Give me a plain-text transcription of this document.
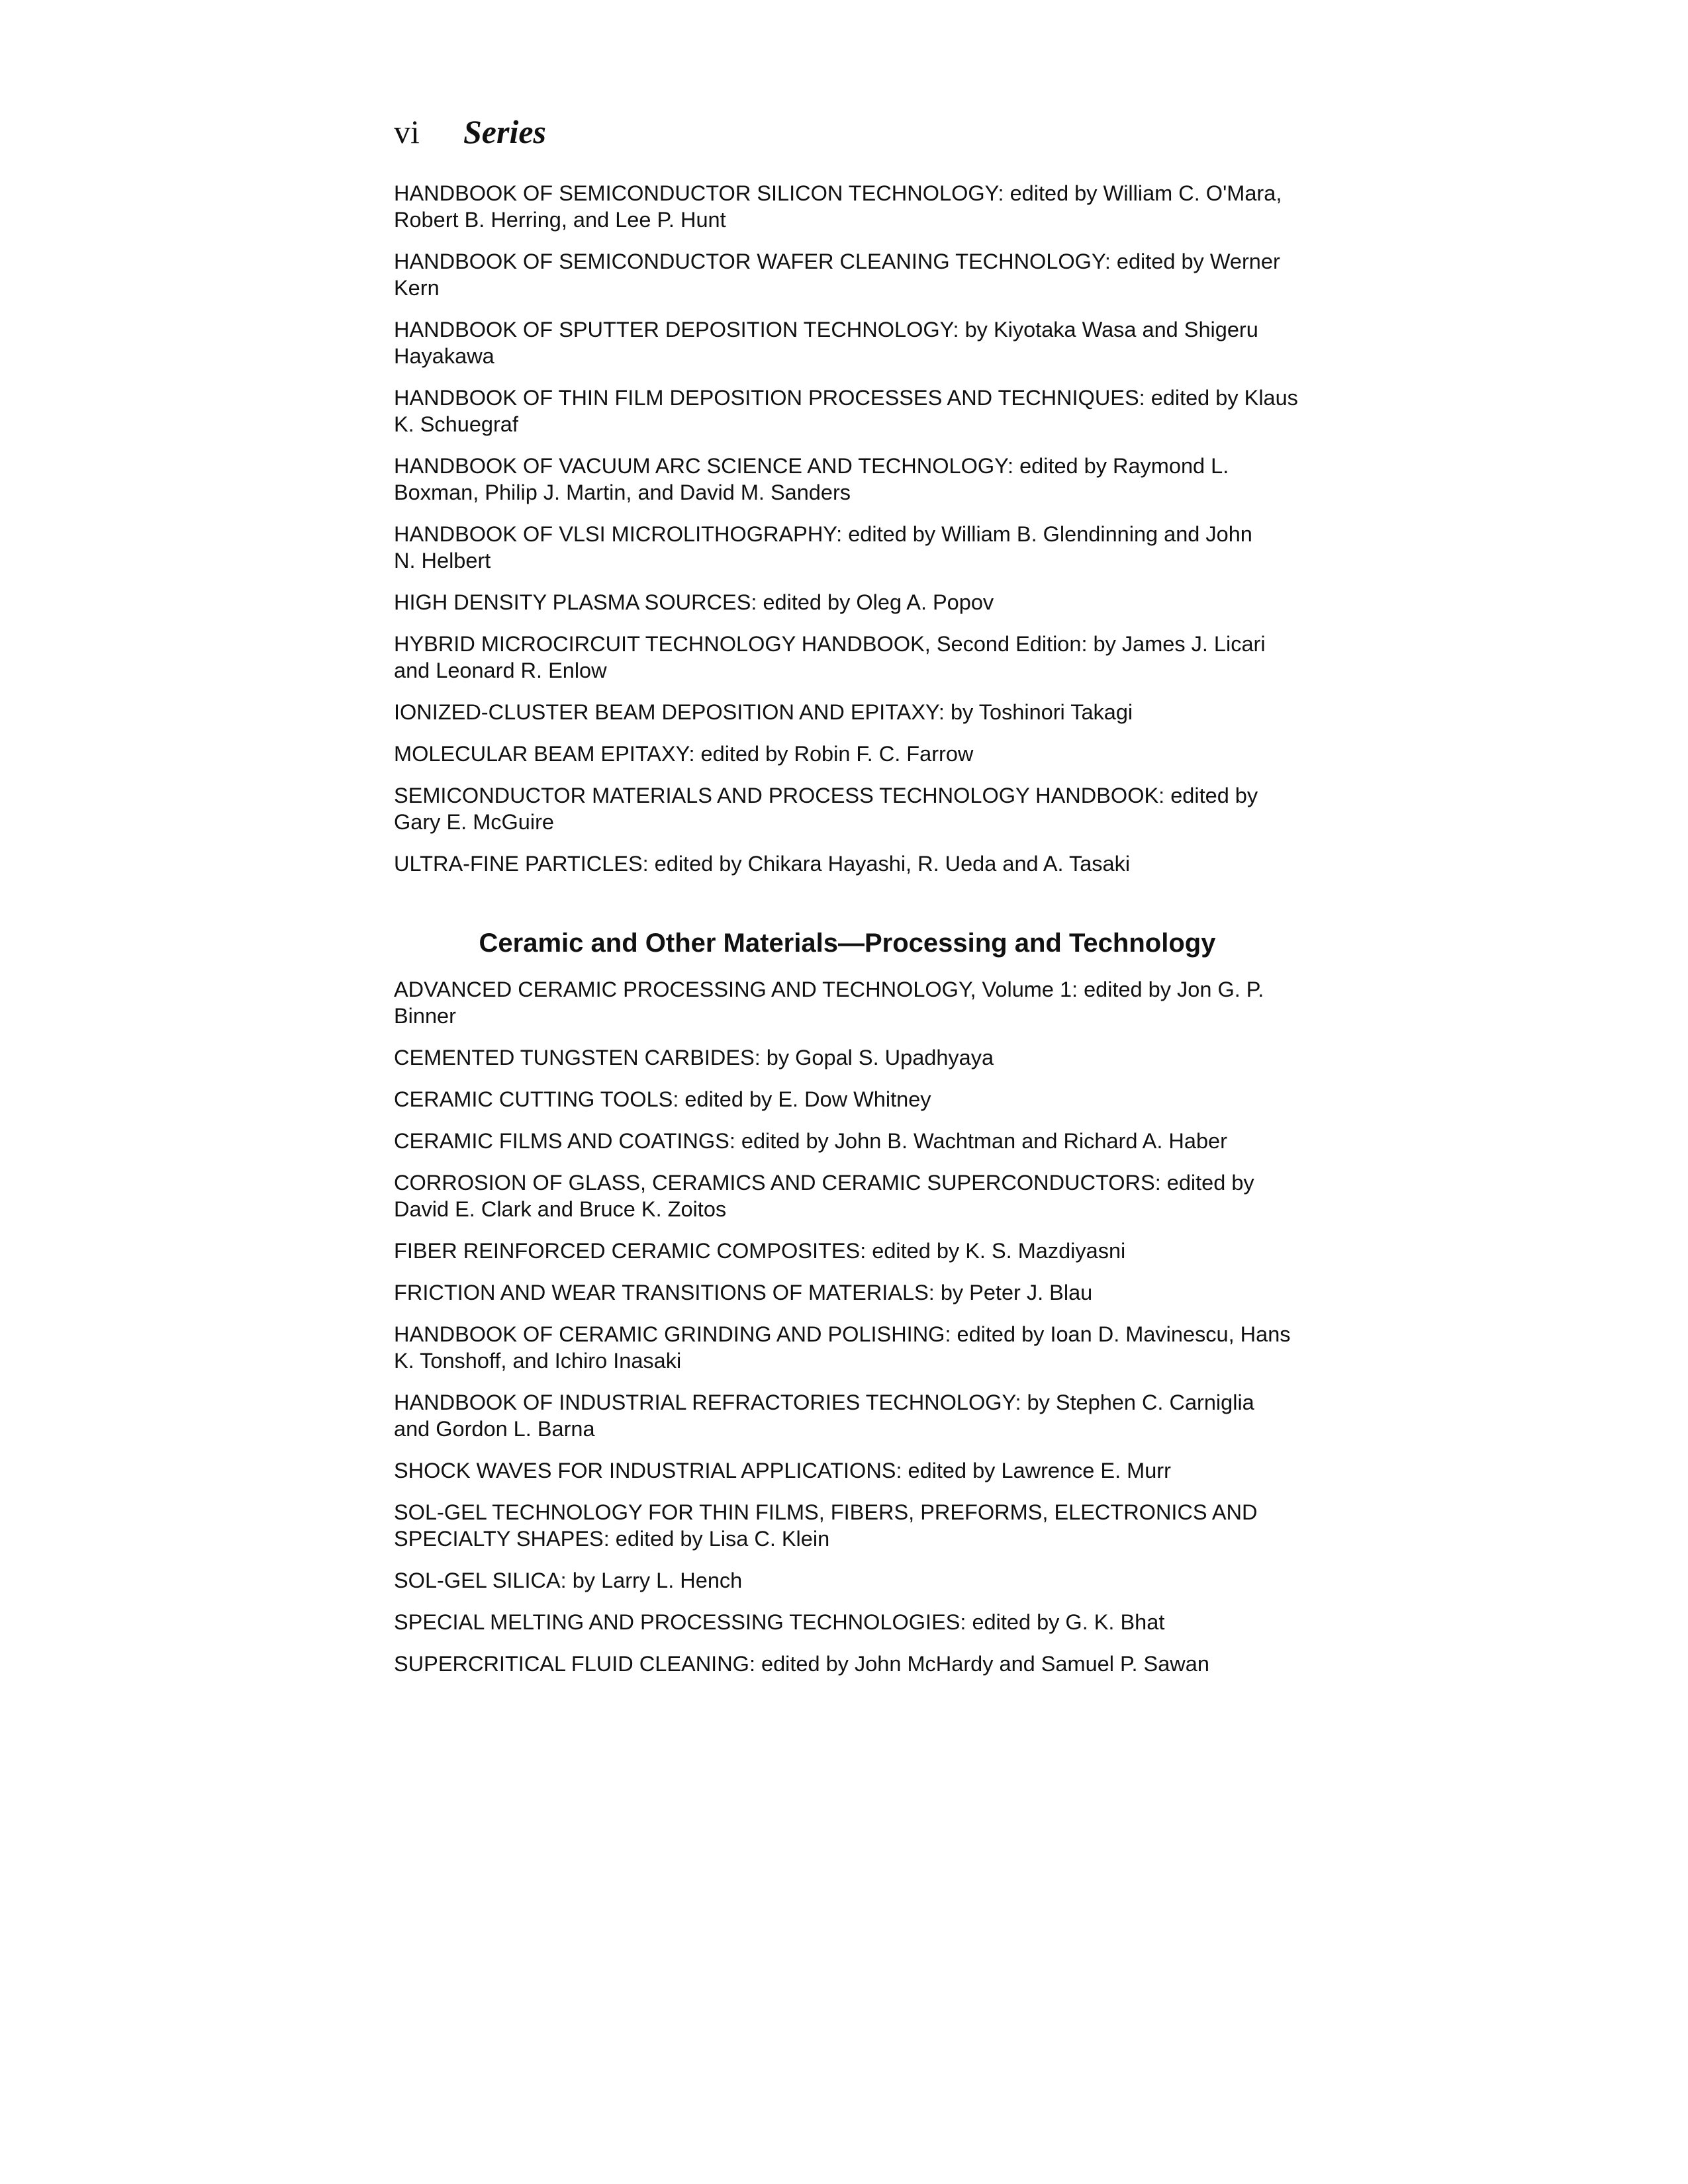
vi	Series
HANDBOOK OF SEMICONDUCTOR SILICON TECHNOLOGY: edited by William C. O'Mara,
Robert B. Herring, and Lee P. Hunt
HANDBOOK OF SEMICONDUCTOR WAFER CLEANING TECHNOLOGY: edited by Werner
Kern
HANDBOOK OF SPUTTER DEPOSITION TECHNOLOGY: by Kiyotaka Wasa and Shigeru
Hayakawa
HANDBOOK OF THIN FILM DEPOSITION PROCESSES AND TECHNIQUES: edited by Klaus
K. Schuegraf
HANDBOOK OF VACUUM ARC SCIENCE AND TECHNOLOGY: edited by Raymond L.
Boxman, Philip J. Martin, and David M. Sanders
HANDBOOK OF VLSI MICROLITHOGRAPHY: edited by William B. Glendinning and John
N. Helbert
HIGH DENSITY PLASMA SOURCES: edited by Oleg A. Popov
HYBRID MICROCIRCUIT TECHNOLOGY HANDBOOK, Second Edition: by James J. Licari
and Leonard R. Enlow
IONIZED-CLUSTER BEAM DEPOSITION AND EPITAXY: by Toshinori Takagi
MOLECULAR BEAM EPITAXY: edited by Robin F. C. Farrow
SEMICONDUCTOR MATERIALS AND PROCESS TECHNOLOGY HANDBOOK: edited by
Gary E. McGuire
ULTRA-FINE PARTICLES: edited by Chikara Hayashi, R. Ueda and A. Tasaki
Ceramic and Other Materials—Processing and Technology
ADVANCED CERAMIC PROCESSING AND TECHNOLOGY, Volume 1: edited by Jon G. P.
Binner
CEMENTED TUNGSTEN CARBIDES: by Gopal S. Upadhyaya
CERAMIC CUTTING TOOLS: edited by E. Dow Whitney
CERAMIC FILMS AND COATINGS: edited by John B. Wachtman and Richard A. Haber
CORROSION OF GLASS, CERAMICS AND CERAMIC SUPERCONDUCTORS: edited by
David E. Clark and Bruce K. Zoitos
FIBER REINFORCED CERAMIC COMPOSITES: edited by K. S. Mazdiyasni
FRICTION AND WEAR TRANSITIONS OF MATERIALS: by Peter J. Blau
HANDBOOK OF CERAMIC GRINDING AND POLISHING: edited by Ioan D. Mavinescu, Hans
K. Tonshoff, and Ichiro Inasaki
HANDBOOK OF INDUSTRIAL REFRACTORIES TECHNOLOGY: by Stephen C. Carniglia
and Gordon L. Barna
SHOCK WAVES FOR INDUSTRIAL APPLICATIONS: edited by Lawrence E. Murr
SOL-GEL TECHNOLOGY FOR THIN FILMS, FIBERS, PREFORMS, ELECTRONICS AND
SPECIALTY SHAPES: edited by Lisa C. Klein
SOL-GEL SILICA: by Larry L. Hench
SPECIAL MELTING AND PROCESSING TECHNOLOGIES: edited by G. K. Bhat
SUPERCRITICAL FLUID CLEANING: edited by John McHardy and Samuel P. Sawan
